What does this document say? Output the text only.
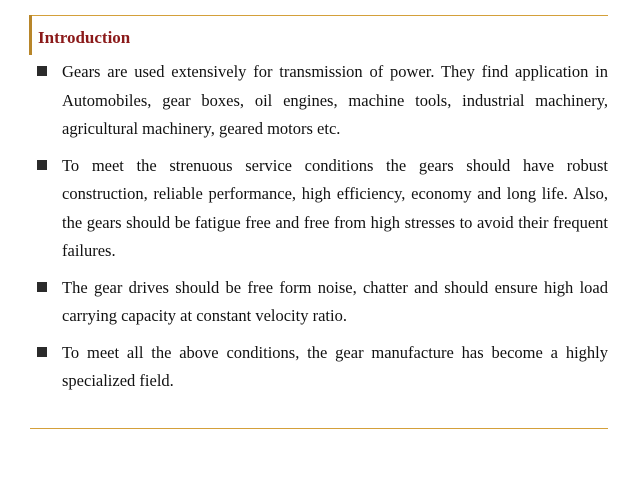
Introduction
Gears are used extensively for transmission of power. They find application in Automobiles, gear boxes, oil engines, machine tools, industrial machinery, agricultural machinery, geared motors etc.
To meet the strenuous service conditions the gears should have robust construction, reliable performance, high efficiency, economy and long life. Also, the gears should be fatigue free and free from high stresses to avoid their frequent failures.
The gear drives should be free form noise, chatter and should ensure high load carrying capacity at constant velocity ratio.
To meet all the above conditions, the gear manufacture has become a highly specialized field.
